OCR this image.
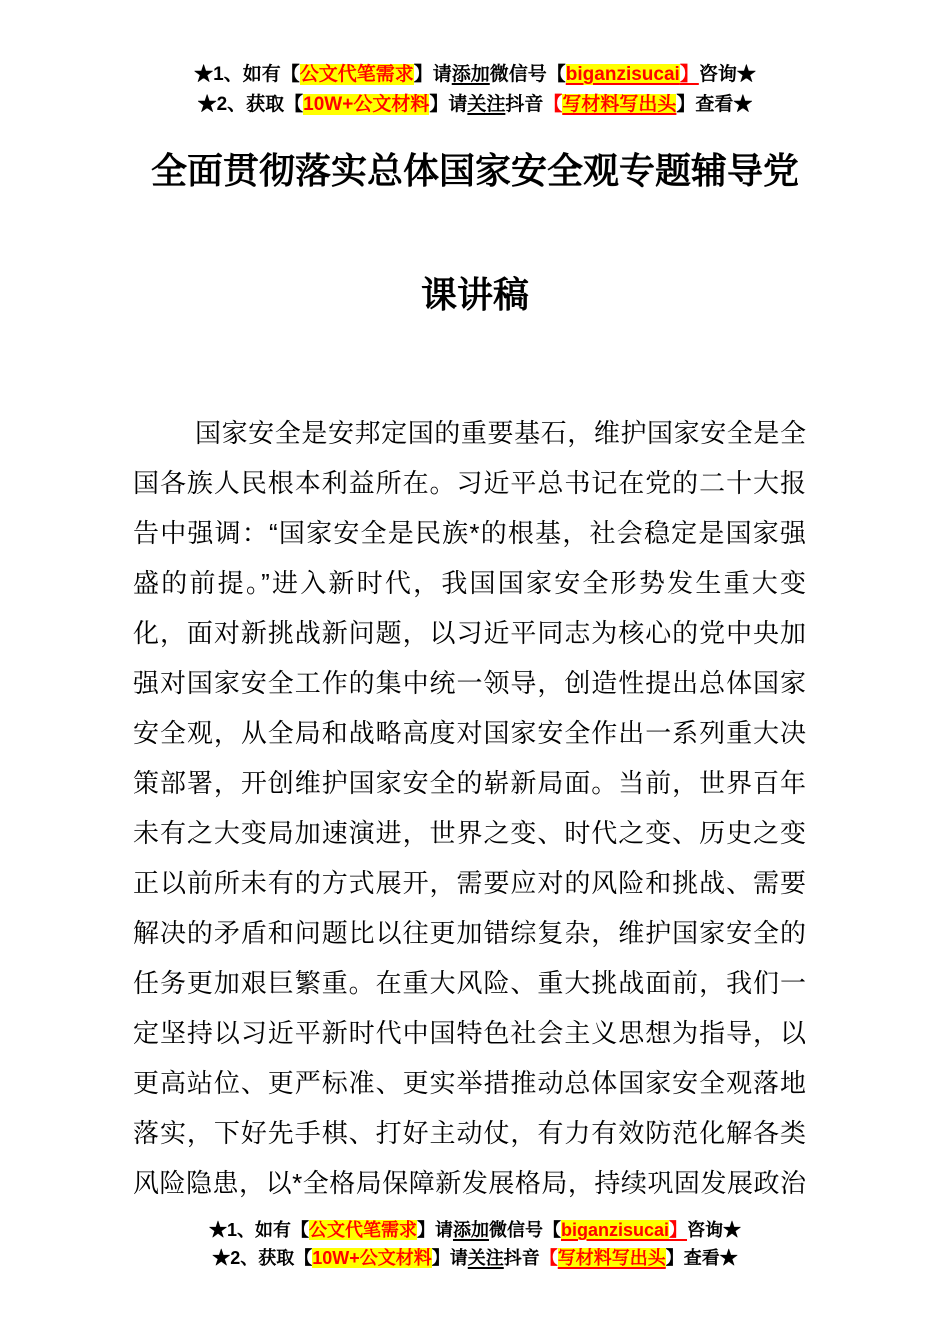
★1、如有【公文代笔需求】请添加微信号【biganzisucai】咨询★
★2、获取【10W+公文材料】请关注抖音【写材料写出头】查看★
全面贯彻落实总体国家安全观专题辅导党
课讲稿
国家安全是安邦定国的重要基石，维护国家安全是全
国各族人民根本利益所在。习近平总书记在党的二十大报
告中强调：“国家安全是民族*的根基，社会稳定是国家强
盛的前提。”进入新时代，我国国家安全形势发生重大变
化，面对新挑战新问题，以习近平同志为核心的党中央加
强对国家安全工作的集中统一领导，创造性提出总体国家
安全观，从全局和战略高度对国家安全作出一系列重大决
策部署，开创维护国家安全的崭新局面。当前，世界百年
未有之大变局加速演进，世界之变、时代之变、历史之变
正以前所未有的方式展开，需要应对的风险和挑战、需要
解决的矛盾和问题比以往更加错综复杂，维护国家安全的
任务更加艰巨繁重。在重大风险、重大挑战面前，我们一
定坚持以习近平新时代中国特色社会主义思想为指导，以
更高站位、更严标准、更实举措推动总体国家安全观落地
落实，下好先手棋、打好主动仗，有力有效防范化解各类
风险隐患，以*全格局保障新发展格局，持续巩固发展政治
★1、如有【公文代笔需求】请添加微信号【biganzisucai】咨询★
★2、获取【10W+公文材料】请关注抖音【写材料写出头】查看★
